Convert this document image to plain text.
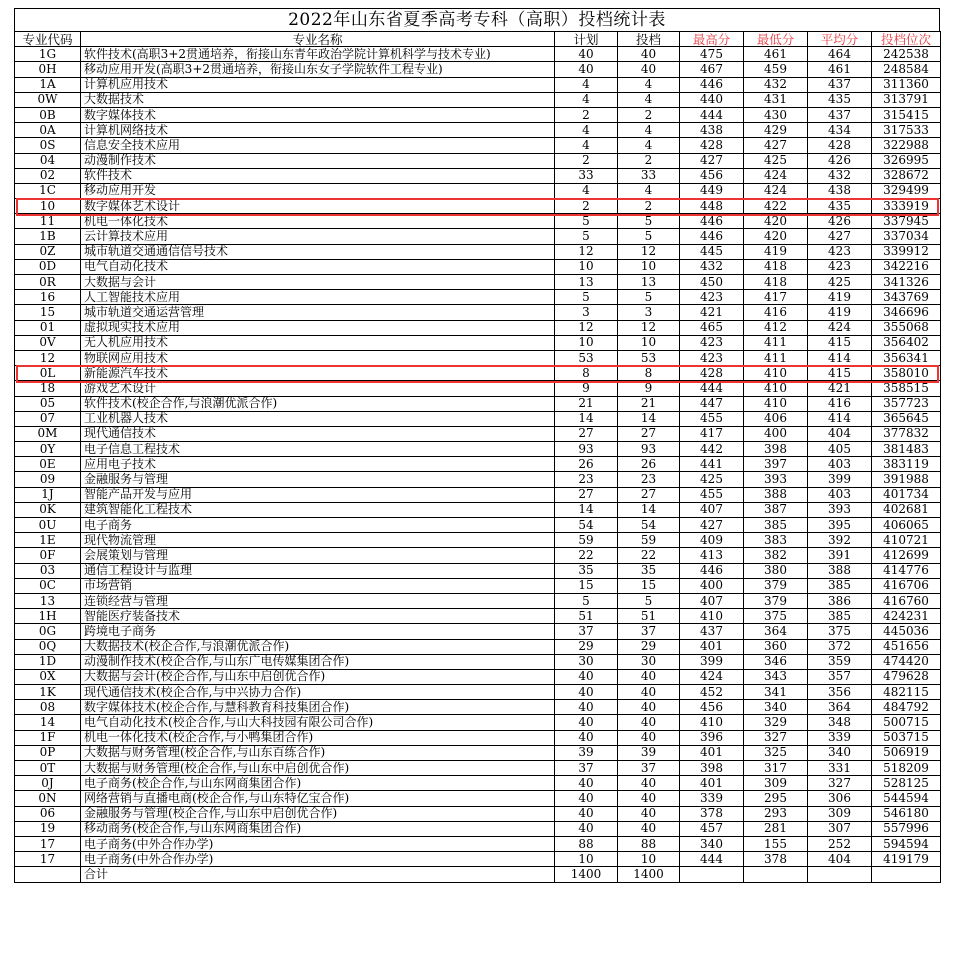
2022年山东省夏季高考专科（高职）投档统计表
专业代码	专业名称	计划	投档	最高分	最低分	平均分	投档位次
1G	软件技术(高职3+2贯通培养，衔接山东青年政治学院计算机科学与技术专业)	40	40	475	461	464	242538
0H	移动应用开发(高职3+2贯通培养，衔接山东女子学院软件工程专业)	40	40	467	459	461	248584
1A	计算机应用技术	4	4	446	432	437	311360
0W	大数据技术	4	4	440	431	435	313791
0B	数字媒体技术	2	2	444	430	437	315415
0A	计算机网络技术	4	4	438	429	434	317533
0S	信息安全技术应用	4	4	428	427	428	322988
04	动漫制作技术	2	2	427	425	426	326995
02	软件技术	33	33	456	424	432	328672
1C	移动应用开发	4	4	449	424	438	329499
10	数字媒体艺术设计	2	2	448	422	435	333919
11	机电一体化技术	5	5	446	420	426	337945
1B	云计算技术应用	5	5	446	420	427	337034
0Z	城市轨道交通通信信号技术	12	12	445	419	423	339912
0D	电气自动化技术	10	10	432	418	423	342216
0R	大数据与会计	13	13	450	418	425	341326
16	人工智能技术应用	5	5	423	417	419	343769
15	城市轨道交通运营管理	3	3	421	416	419	346696
01	虚拟现实技术应用	12	12	465	412	424	355068
0V	无人机应用技术	10	10	423	411	415	356402
12	物联网应用技术	53	53	423	411	414	356341
0L	新能源汽车技术	8	8	428	410	415	358010
18	游戏艺术设计	9	9	444	410	421	358515
05	软件技术(校企合作,与浪潮优派合作)	21	21	447	410	416	357723
07	工业机器人技术	14	14	455	406	414	365645
0M	现代通信技术	27	27	417	400	404	377832
0Y	电子信息工程技术	93	93	442	398	405	381483
0E	应用电子技术	26	26	441	397	403	383119
09	金融服务与管理	23	23	425	393	399	391988
1J	智能产品开发与应用	27	27	455	388	403	401734
0K	建筑智能化工程技术	14	14	407	387	393	402681
0U	电子商务	54	54	427	385	395	406065
1E	现代物流管理	59	59	409	383	392	410721
0F	会展策划与管理	22	22	413	382	391	412699
03	通信工程设计与监理	35	35	446	380	388	414776
0C	市场营销	15	15	400	379	385	416706
13	连锁经营与管理	5	5	407	379	386	416760
1H	智能医疗装备技术	51	51	410	375	385	424231
0G	跨境电子商务	37	37	437	364	375	445036
0Q	大数据技术(校企合作,与浪潮优派合作)	29	29	401	360	372	451656
1D	动漫制作技术(校企合作,与山东广电传媒集团合作)	30	30	399	346	359	474420
0X	大数据与会计(校企合作,与山东中启创优合作)	40	40	424	343	357	479628
1K	现代通信技术(校企合作,与中兴协力合作)	40	40	452	341	356	482115
08	数字媒体技术(校企合作,与慧科教育科技集团合作)	40	40	456	340	364	484792
14	电气自动化技术(校企合作,与山大科技园有限公司合作)	40	40	410	329	348	500715
1F	机电一体化技术(校企合作,与小鸭集团合作)	40	40	396	327	339	503715
0P	大数据与财务管理(校企合作,与山东百练合作)	39	39	401	325	340	506919
0T	大数据与财务管理(校企合作,与山东中启创优合作)	37	37	398	317	331	518209
0J	电子商务(校企合作,与山东网商集团合作)	40	40	401	309	327	528125
0N	网络营销与直播电商(校企合作,与山东特亿宝合作)	40	40	339	295	306	544594
06	金融服务与管理(校企合作,与山东中启创优合作)	40	40	378	293	309	546180
19	移动商务(校企合作,与山东网商集团合作)	40	40	457	281	307	557996
17	电子商务(中外合作办学)	88	88	340	155	252	594594
17	电子商务(中外合作办学)	10	10	444	378	404	419179
	合计	1400	1400				
